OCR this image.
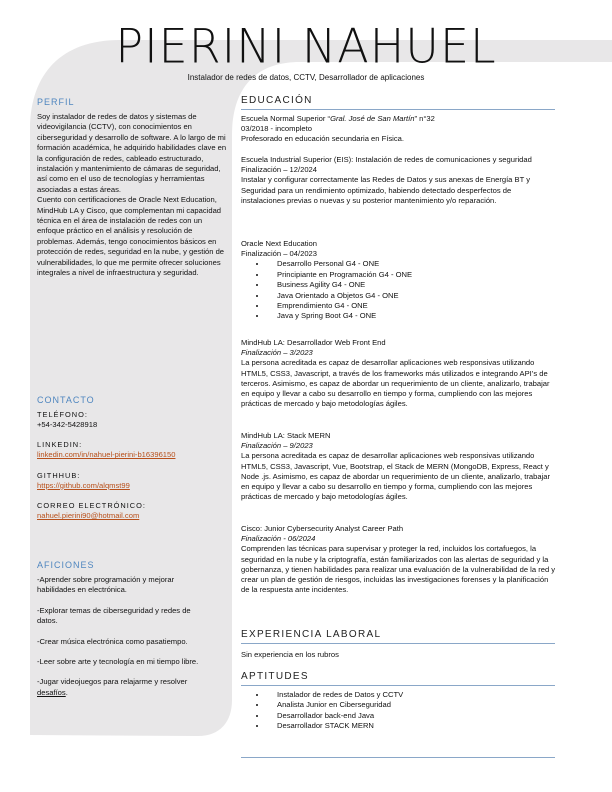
PIERINI NAHUEL
Instalador de redes de datos, CCTV, Desarrollador de aplicaciones
PERFIL
Soy instalador de redes de datos y sistemas de videovigilancia (CCTV), con conocimientos en ciberseguridad y desarrollo de software. A lo largo de mi formación académica, he adquirido habilidades clave en la configuración de redes, cableado estructurado, instalación y mantenimiento de cámaras de seguridad, así como en el uso de tecnologías y herramientas asociadas a estas áreas.
Cuento con certificaciones de Oracle Next Education, MindHub LA y Cisco, que complementan mi capacidad técnica en el área de instalación de redes con un enfoque práctico en el análisis y resolución de problemas. Además, tengo conocimientos básicos en protección de redes, seguridad en la nube, y gestión de vulnerabilidades, lo que me permite ofrecer soluciones integrales a nivel de infraestructura y seguridad.
CONTACTO
TELÉFONO:
+54-342-5428918
LINKEDIN:
linkedin.com/in/nahuel-pierini-b16396150
GITHHUB:
https://github.com/alqmst99
CORREO ELECTRÓNICO:
nahuel.pierini90@hotmail.com
AFICIONES
-Aprender sobre programación y mejorar habilidades en electrónica.
-Explorar temas de ciberseguridad y redes de datos.
-Crear música electrónica como pasatiempo.
-Leer sobre arte y tecnología en mi tiempo libre.
-Jugar videojuegos para relajarme y resolver desafíos.
EDUCACIÓN
Escuela Normal Superior “Gral. José de San Martín” n°32
03/2018 - incompleto
Profesorado en educación secundaria en Física.
Escuela Industrial Superior (EIS): Instalación de redes de comunicaciones y seguridad
Finalización – 12/2024
Instalar y configurar correctamente las Redes de Datos y sus anexas de Energía BT y Seguridad para un rendimiento optimizado, habiendo detectado desperfectos de instalaciones previas o nuevas y su posterior mantenimiento y/o reparación.
Oracle Next Education
Finalización – 04/2023
• Desarrollo Personal G4 - ONE
• Principiante en Programación G4 - ONE
• Business Agility G4 - ONE
• Java Orientado a Objetos G4 - ONE
• Emprendimiento G4 - ONE
• Java y Spring Boot G4 - ONE
MindHub LA: Desarrollador Web Front End
Finalización – 3/2023
La persona acreditada es capaz de desarrollar aplicaciones web responsivas utilizando HTML5, CSS3, Javascript, a través de los frameworks más utilizados e integrando API’s de terceros. Asimismo, es capaz de abordar un requerimiento de un cliente, analizarlo, trabajar en equipo y llevar a cabo su desarrollo en tiempo y forma, cumpliendo con las mejores prácticas de mercado y bajo metodologías ágiles.
MindHub LA: Stack MERN
Finalización – 9/2023
La persona acreditada es capaz de desarrollar aplicaciones web responsivas utilizando HTML5, CSS3, Javascript, Vue, Bootstrap, el Stack de MERN (MongoDB, Express, React y Node .js. Asimismo, es capaz de abordar un requerimiento de un cliente, analizarlo, trabajar en equipo y llevar a cabo su desarrollo en tiempo y forma, cumpliendo con las mejores prácticas de mercado y bajo metodologías ágiles.
Cisco: Junior Cybersecurity Analyst Career Path
Finalización - 06/2024
Comprenden las técnicas para supervisar y proteger la red, incluidos los cortafuegos, la seguridad en la nube y la criptografía, están familiarizados con las alertas de seguridad y la gobernanza, y tienen habilidades para realizar una evaluación de la vulnerabilidad de la red y crear un plan de gestión de riesgos, incluidas las investigaciones forenses y la planificación de la respuesta ante incidentes.
EXPERIENCIA LABORAL
Sin experiencia en los rubros
APTITUDES
• Instalador de redes de Datos y CCTV
• Analista Junior en Ciberseguridad
• Desarrollador back-end Java
• Desarrollador STACK MERN
